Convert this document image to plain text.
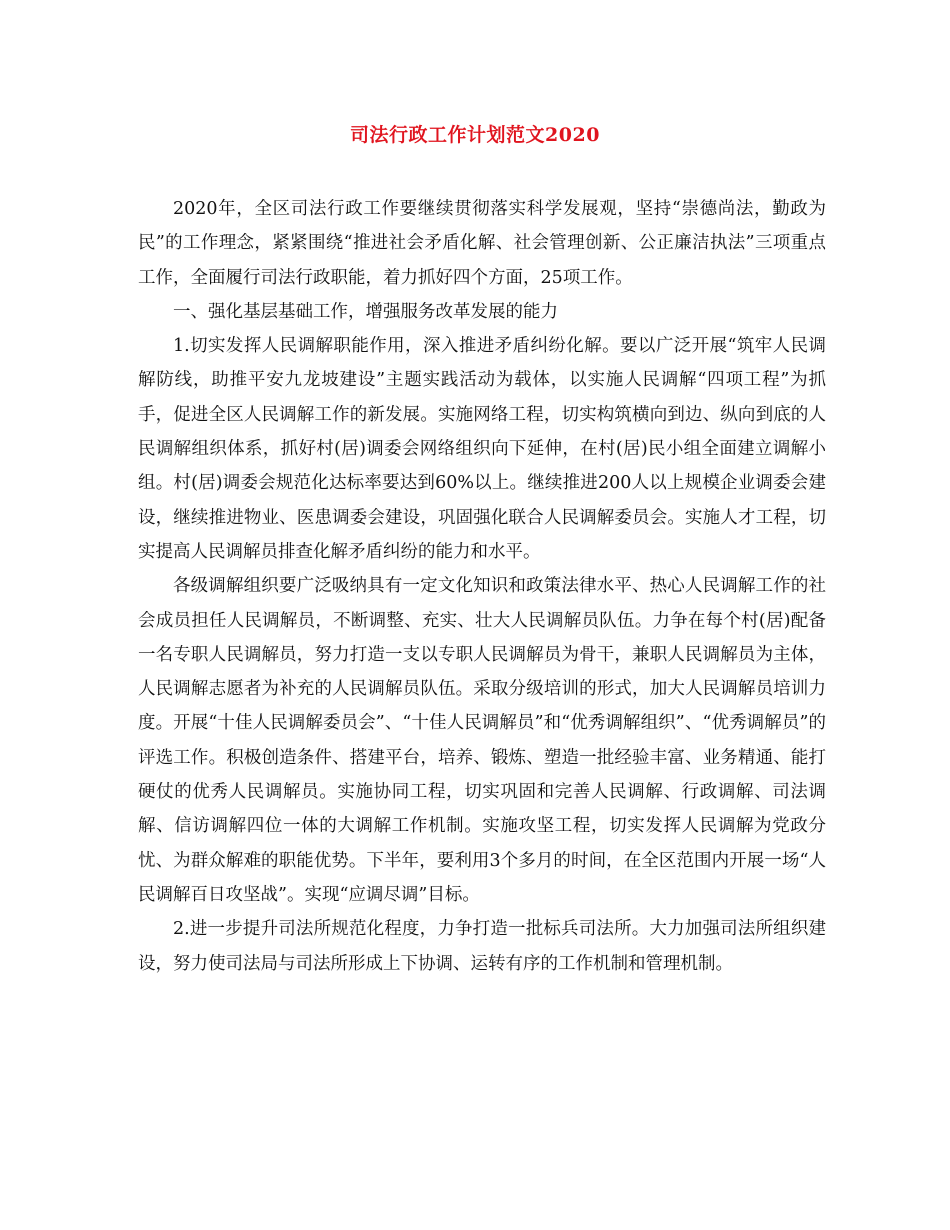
司法行政工作计划范文2020

2020年，全区司法行政工作要继续贯彻落实科学发展观，坚持“崇德尚法，勤政为民”的工作理念，紧紧围绕“推进社会矛盾化解、社会管理创新、公正廉洁执法”三项重点工作，全面履行司法行政职能，着力抓好四个方面，25项工作。

一、强化基层基础工作，增强服务改革发展的能力

1.切实发挥人民调解职能作用，深入推进矛盾纠纷化解。要以广泛开展“筑牢人民调解防线，助推平安九龙坡建设”主题实践活动为载体，以实施人民调解“四项工程”为抓手，促进全区人民调解工作的新发展。实施网络工程，切实构筑横向到边、纵向到底的人民调解组织体系，抓好村(居)调委会网络组织向下延伸，在村(居)民小组全面建立调解小组。村(居)调委会规范化达标率要达到60%以上。继续推进200人以上规模企业调委会建设，继续推进物业、医患调委会建设，巩固强化联合人民调解委员会。实施人才工程，切实提高人民调解员排查化解矛盾纠纷的能力和水平。

各级调解组织要广泛吸纳具有一定文化知识和政策法律水平、热心人民调解工作的社会成员担任人民调解员，不断调整、充实、壮大人民调解员队伍。力争在每个村(居)配备一名专职人民调解员，努力打造一支以专职人民调解员为骨干，兼职人民调解员为主体，人民调解志愿者为补充的人民调解员队伍。采取分级培训的形式，加大人民调解员培训力度。开展“十佳人民调解委员会”、“十佳人民调解员”和“优秀调解组织”、“优秀调解员”的评选工作。积极创造条件、搭建平台，培养、锻炼、塑造一批经验丰富、业务精通、能打硬仗的优秀人民调解员。实施协同工程，切实巩固和完善人民调解、行政调解、司法调解、信访调解四位一体的大调解工作机制。实施攻坚工程，切实发挥人民调解为党政分忧、为群众解难的职能优势。下半年，要利用3个多月的时间，在全区范围内开展一场“人民调解百日攻坚战”。实现“应调尽调”目标。

2.进一步提升司法所规范化程度，力争打造一批标兵司法所。大力加强司法所组织建设，努力使司法局与司法所形成上下协调、运转有序的工作机制和管理机制。
